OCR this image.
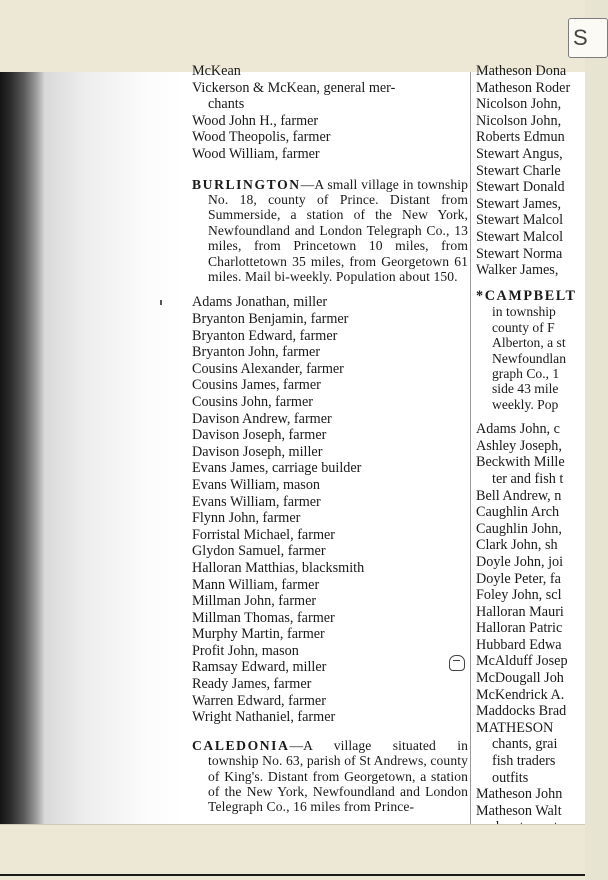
S
McKean
Vickerson & McKean, general mer-
chants
Wood John H., farmer
Wood Theopolis, farmer
Wood William, farmer

BURLINGTON—A small village in township No. 18, county of Prince. Distant from Summerside, a station of the New York, Newfoundland and London Telegraph Co., 13 miles, from Princetown 10 miles, from Charlottetown 35 miles, from Georgetown 61 miles. Mail bi-weekly. Population about 150.

Adams Jonathan, miller
Bryanton Benjamin, farmer
Bryanton Edward, farmer
Bryanton John, farmer
Cousins Alexander, farmer
Cousins James, farmer
Cousins John, farmer
Davison Andrew, farmer
Davison Joseph, farmer
Davison Joseph, miller
Evans James, carriage builder
Evans William, mason
Evans William, farmer
Flynn John, farmer
Forristal Michael, farmer
Glydon Samuel, farmer
Halloran Matthias, blacksmith
Mann William, farmer
Millman John, farmer
Millman Thomas, farmer
Murphy Martin, farmer
Profit John, mason
Ramsay Edward, miller
Ready James, farmer
Warren Edward, farmer
Wright Nathaniel, farmer

CALEDONIA—A village situated in township No. 63, parish of St Andrews, county of King's. Distant from Georgetown, a station of the New York, Newfoundland and London Telegraph Co., 16 miles from Prince-

Matheson Dona
Matheson Roder
Nicolson John,
Nicolson John,
Roberts Edmun
Stewart Angus,
Stewart Charle
Stewart Donald
Stewart James,
Stewart Malcol
Stewart Malcol
Stewart Norma
Walker James,
*CAMPBELT
in township
county of F
Alberton, a st
Newfoundlan
graph Co., 1
side 43 mile
weekly. Pop
Adams John, c
Ashley Joseph,
Beckwith Mille
ter and fish t
Bell Andrew, n
Caughlin Arch
Caughlin John,
Clark John, sh
Doyle John, joi
Doyle Peter, fa
Foley John, scl
Halloran Mauri
Halloran Patric
Hubbard Edwa
McAlduff Josep
McDougall Joh
McKendrick A.
Maddocks Brad
MATHESON
chants, grai
fish traders
outfits
Matheson John
Matheson Walt
